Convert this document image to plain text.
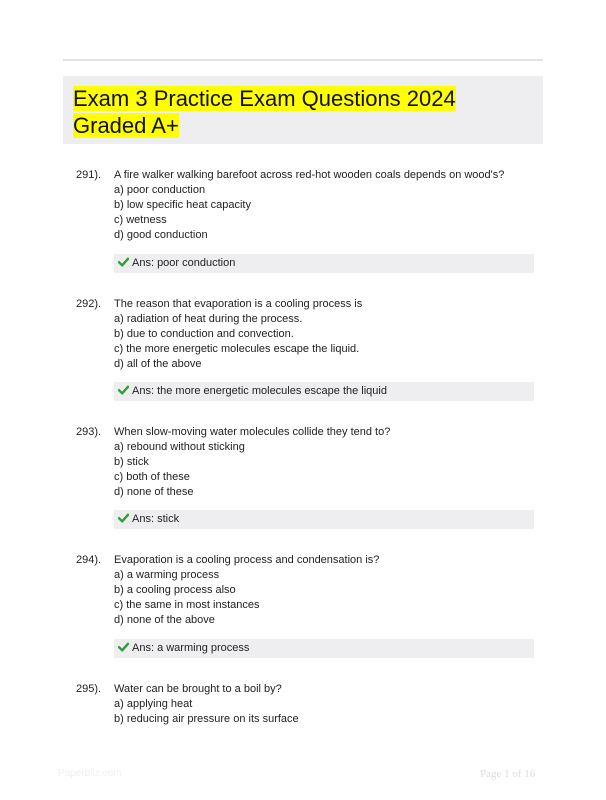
Exam 3 Practice Exam Questions 2024 Graded A+
291). A fire walker walking barefoot across red-hot wooden coals depends on wood's?
a) poor conduction
b) low specific heat capacity
c) wetness
d) good conduction
Ans: poor conduction
292). The reason that evaporation is a cooling process is
a) radiation of heat during the process.
b) due to conduction and convection.
c) the more energetic molecules escape the liquid.
d) all of the above
Ans: the more energetic molecules escape the liquid
293). When slow-moving water molecules collide they tend to?
a) rebound without sticking
b) stick
c) both of these
d) none of these
Ans: stick
294). Evaporation is a cooling process and condensation is?
a) a warming process
b) a cooling process also
c) the same in most instances
d) none of the above
Ans: a warming process
295). Water can be brought to a boil by?
a) applying heat
b) reducing air pressure on its surface
Paperbliz.com	Page 1 of 16
